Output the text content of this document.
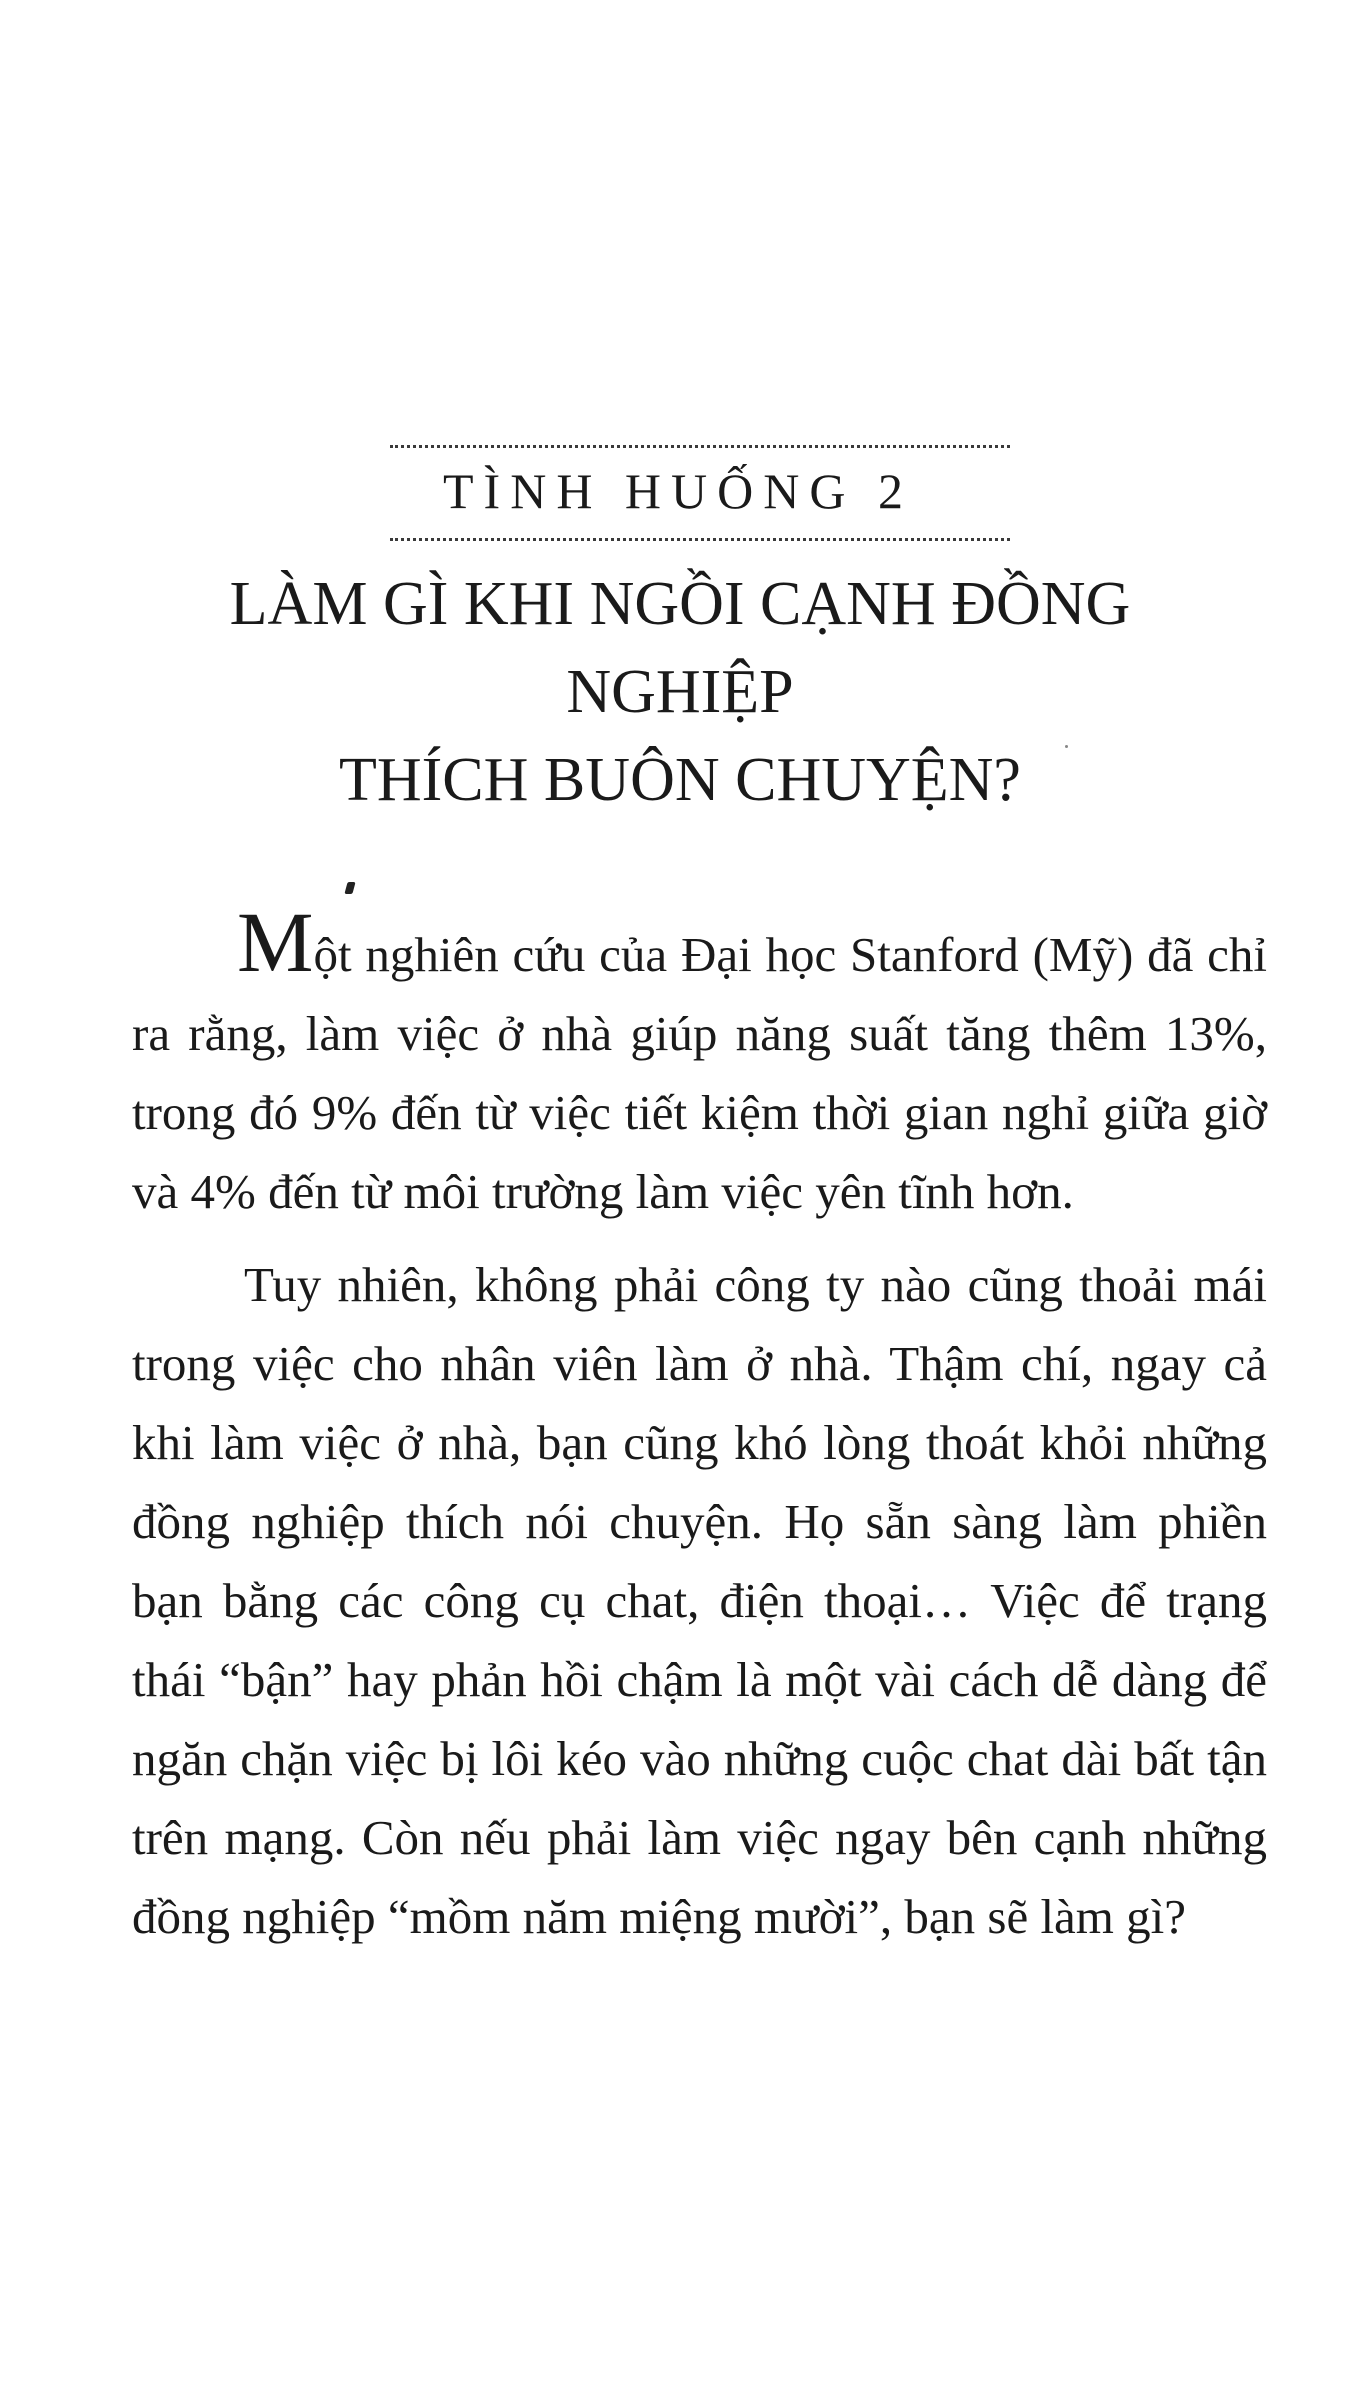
TÌNH HUỐNG 2
LÀM GÌ KHI NGỒI CẠNH ĐỒNG NGHIỆP
THÍCH BUÔN CHUYỆN?

Một nghiên cứu của Đại học Stanford (Mỹ) đã chỉ ra rằng, làm việc ở nhà giúp năng suất tăng thêm 13%, trong đó 9% đến từ việc tiết kiệm thời gian nghỉ giữa giờ và 4% đến từ môi trường làm việc yên tĩnh hơn.

Tuy nhiên, không phải công ty nào cũng thoải mái trong việc cho nhân viên làm ở nhà. Thậm chí, ngay cả khi làm việc ở nhà, bạn cũng khó lòng thoát khỏi những đồng nghiệp thích nói chuyện. Họ sẵn sàng làm phiền bạn bằng các công cụ chat, điện thoại… Việc để trạng thái “bận” hay phản hồi chậm là một vài cách dễ dàng để ngăn chặn việc bị lôi kéo vào những cuộc chat dài bất tận trên mạng. Còn nếu phải làm việc ngay bên cạnh những đồng nghiệp “mồm năm miệng mười”, bạn sẽ làm gì?
